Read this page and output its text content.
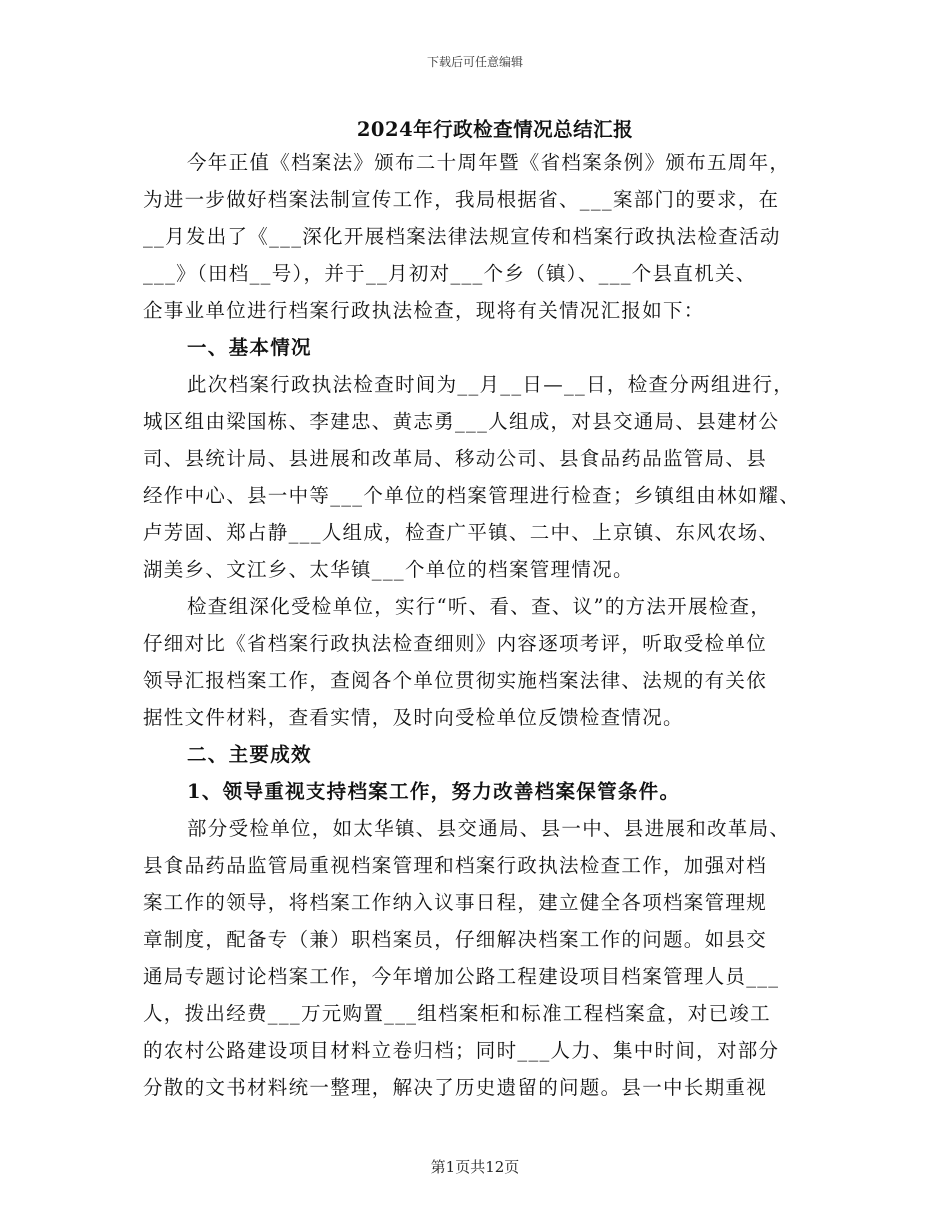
下载后可任意编辑
2024年行政检查情况总结汇报
今年正值《档案法》颁布二十周年暨《省档案条例》颁布五周年，
为进一步做好档案法制宣传工作，我局根据省、___案部门的要求，在
__月发出了《___深化开展档案法律法规宣传和档案行政执法检查活动
___》（田档__号），并于__月初对___个乡（镇）、___个县直机关、
企事业单位进行档案行政执法检查，现将有关情况汇报如下：
一、基本情况
此次档案行政执法检查时间为__月__日—__日，检查分两组进行，
城区组由梁国栋、李建忠、黄志勇___人组成，对县交通局、县建材公
司、县统计局、县进展和改革局、移动公司、县食品药品监管局、县
经作中心、县一中等___个单位的档案管理进行检查；乡镇组由林如耀、
卢芳固、郑占静___人组成，检查广平镇、二中、上京镇、东风农场、
湖美乡、文江乡、太华镇___个单位的档案管理情况。
检查组深化受检单位，实行“听、看、查、议”的方法开展检查，
仔细对比《省档案行政执法检查细则》内容逐项考评，听取受检单位
领导汇报档案工作，查阅各个单位贯彻实施档案法律、法规的有关依
据性文件材料，查看实情，及时向受检单位反馈检查情况。
二、主要成效
1、领导重视支持档案工作，努力改善档案保管条件。
部分受检单位，如太华镇、县交通局、县一中、县进展和改革局、
县食品药品监管局重视档案管理和档案行政执法检查工作，加强对档
案工作的领导，将档案工作纳入议事日程，建立健全各项档案管理规
章制度，配备专（兼）职档案员，仔细解决档案工作的问题。如县交
通局专题讨论档案工作，今年增加公路工程建设项目档案管理人员___
人，拨出经费___万元购置___组档案柜和标准工程档案盒，对已竣工
的农村公路建设项目材料立卷归档；同时___人力、集中时间，对部分
分散的文书材料统一整理，解决了历史遗留的问题。县一中长期重视
第1页共12页
